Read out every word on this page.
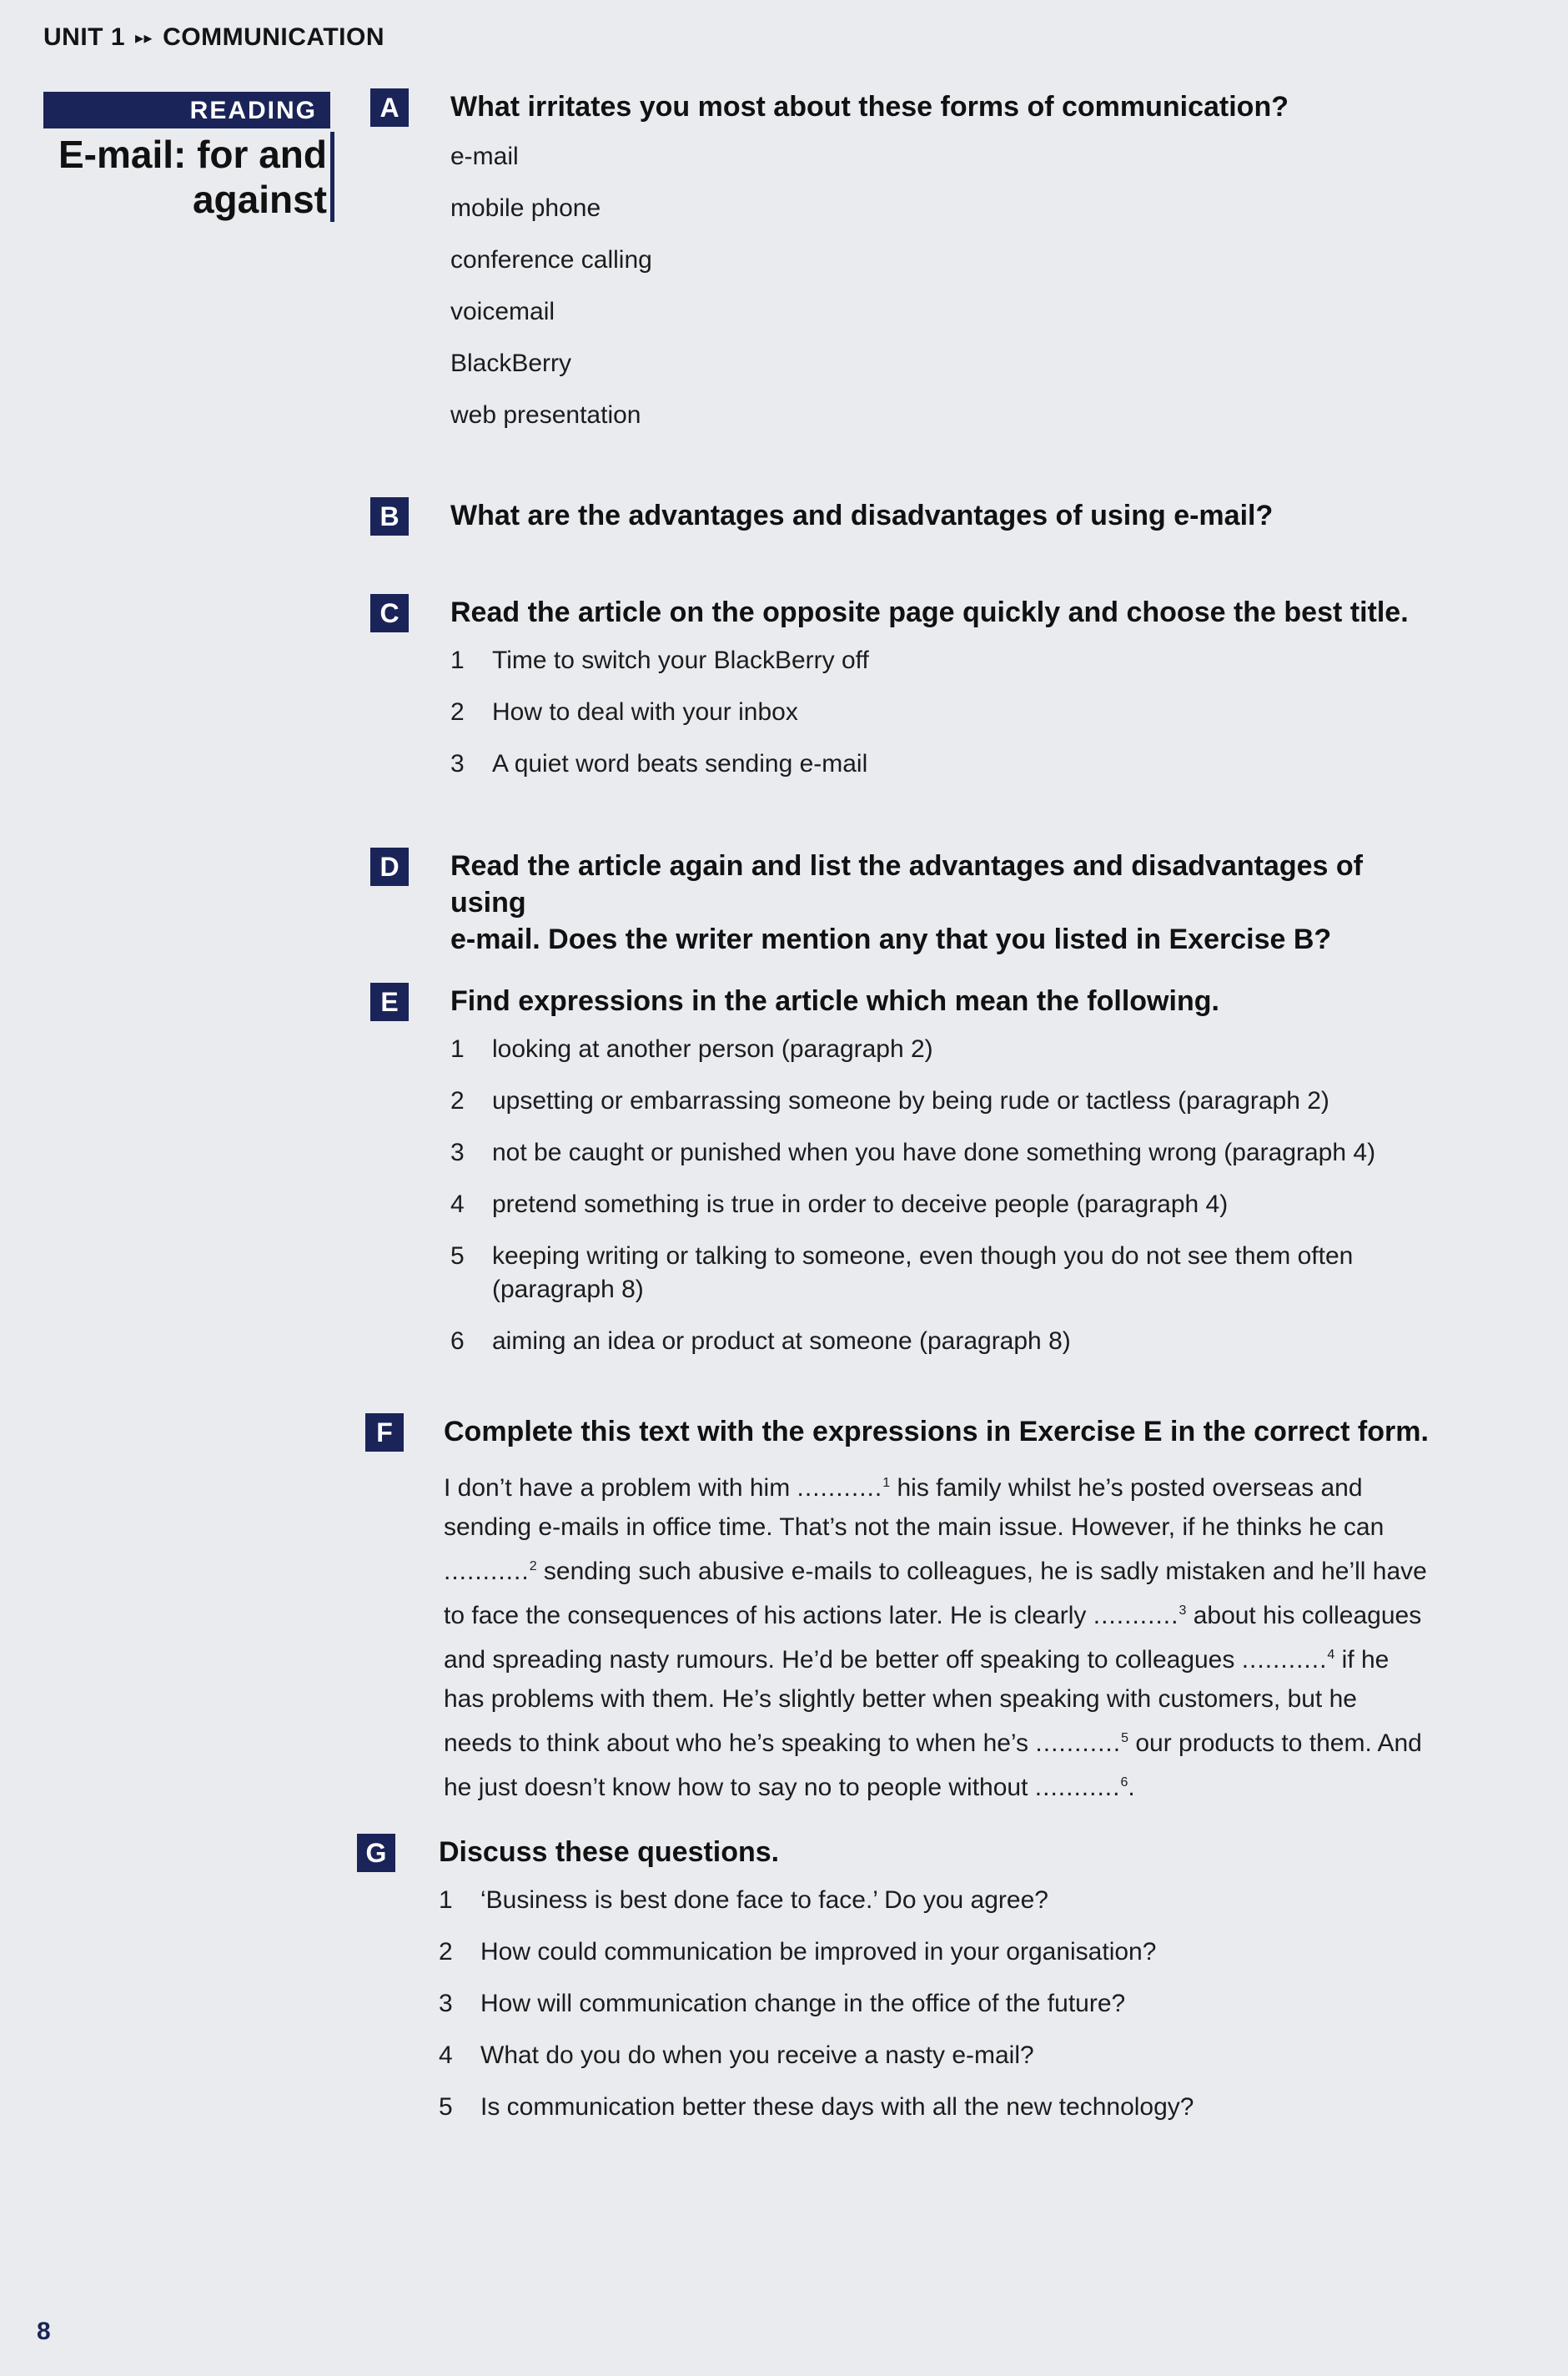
UNIT 1 ▸▸ COMMUNICATION
READING
E-mail: for and
against
A	What irritates you most about these forms of communication?
e-mail
mobile phone
conference calling
voicemail
BlackBerry
web presentation
B	What are the advantages and disadvantages of using e-mail?
C	Read the article on the opposite page quickly and choose the best title.
1	Time to switch your BlackBerry off
2	How to deal with your inbox
3	A quiet word beats sending e-mail
D	Read the article again and list the advantages and disadvantages of using
e-mail. Does the writer mention any that you listed in Exercise B?
E	Find expressions in the article which mean the following.
1	looking at another person (paragraph 2)
2	upsetting or embarrassing someone by being rude or tactless (paragraph 2)
3	not be caught or punished when you have done something wrong (paragraph 4)
4	pretend something is true in order to deceive people (paragraph 4)
5	keeping writing or talking to someone, even though you do not see them often
(paragraph 8)
6	aiming an idea or product at someone (paragraph 8)
F	Complete this text with the expressions in Exercise E in the correct form.
I don’t have a problem with him ...........$^1$ his family whilst he’s posted overseas and sending e-mails in office time. That’s not the main issue. However, if he thinks he can ...........$^2$ sending such abusive e-mails to colleagues, he is sadly mistaken and he’ll have to face the consequences of his actions later. He is clearly ...........$^3$ about his colleagues and spreading nasty rumours. He’d be better off speaking to colleagues ...........$^4$ if he has problems with them. He’s slightly better when speaking with customers, but he needs to think about who he’s speaking to when he’s ...........$^5$ our products to them. And he just doesn’t know how to say no to people without ...........$^6$.
G	Discuss these questions.
1	‘Business is best done face to face.’ Do you agree?
2	How could communication be improved in your organisation?
3	How will communication change in the office of the future?
4	What do you do when you receive a nasty e-mail?
5	Is communication better these days with all the new technology?
8
